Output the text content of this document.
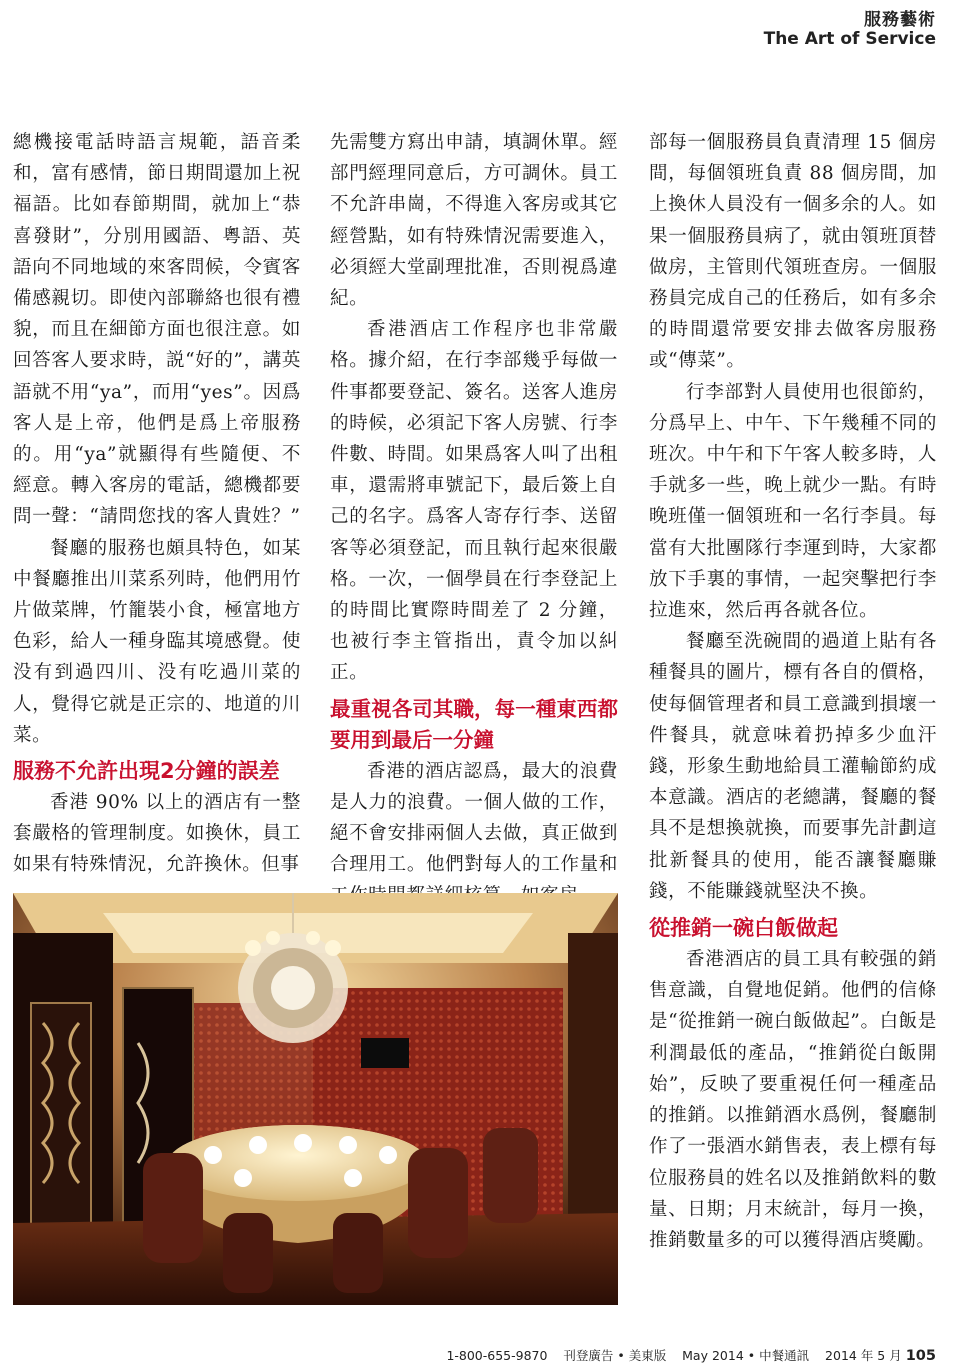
服務藝術
The Art of Service

總機接電話時語言規範，語音柔和，富有感情，節日期間還加上祝福語。比如春節期間，就加上“恭喜發財”，分別用國語、粵語、英語向不同地域的來客問候，令賓客備感親切。即使內部聯絡也很有禮貌，而且在細節方面也很注意。如回答客人要求時，説“好的”，講英語就不用“ya”，而用“yes”。因爲客人是上帝，他們是爲上帝服務的。用“ya”就顯得有些隨便、不經意。轉入客房的電話，總機都要問一聲：“請問您找的客人貴姓？”

餐廳的服務也頗具特色，如某中餐廳推出川菜系列時，他們用竹片做菜牌，竹籠裝小食，極富地方色彩，給人一種身臨其境感覺。使没有到過四川、没有吃過川菜的人，覺得它就是正宗的、地道的川菜。

服務不允許出現2分鐘的誤差

香港 90% 以上的酒店有一整套嚴格的管理制度。如換休，員工如果有特殊情況，允許換休。但事

先需雙方寫出申請，填調休單。經部門經理同意后，方可調休。員工不允許串崗，不得進入客房或其它經營點，如有特殊情況需要進入，必須經大堂副理批准，否則視爲違紀。

香港酒店工作程序也非常嚴格。據介紹，在行李部幾乎每做一件事都要登記、簽名。送客人進房的時候，必須記下客人房號、行李件數、時間。如果爲客人叫了出租車，還需將車號記下，最后簽上自己的名字。爲客人寄存行李、送留客等必須登記，而且執行起來很嚴格。一次，一個學員在行李登記上的時間比實際時間差了 2 分鐘，也被行李主管指出，責令加以糾正。

最重視各司其職，每一種東西都要用到最后一分鐘

香港的酒店認爲，最大的浪費是人力的浪費。一個人做的工作，絕不會安排兩個人去做，真正做到合理用工。他們對每人的工作量和

部每一個服務員負責清理 15 個房間，每個領班負責 88 個房間，加上換休人員没有一個多余的人。如果一個服務員病了，就由領班頂替做房，主管則代領班查房。一個服務員完成自己的任務后，如有多余的時間還常要安排去做客房服務或“傳菜”。

行李部對人員使用也很節約，分爲早上、中午、下午幾種不同的班次。中午和下午客人較多時，人手就多一些，晚上就少一點。有時晚班僅一個領班和一名行李員。每當有大批團隊行李運到時，大家都放下手裏的事情，一起突擊把行李拉進來，然后再各就各位。

餐廳至洗碗間的過道上貼有各種餐具的圖片，標有各自的價格，使每個管理者和員工意識到損壞一件餐具，就意味着扔掉多少血汗錢，形象生動地給員工灌輸節約成本意識。酒店的老總講，餐廳的餐具不是想換就換，而要事先計劃這批新餐具的使用，能否讓餐廳賺錢，不能賺錢就堅決不換。

從推銷一碗白飯做起

香港酒店的員工具有較强的銷售意識，自覺地促銷。他們的信條是“從推銷一碗白飯做起”。白飯是利潤最低的產品，“推銷從白飯開始”，反映了要重視任何一種產品的推銷。以推銷酒水爲例，餐廳制作了一張酒水銷售表，表上標有每位服務員的姓名以及推銷飲料的數量、日期；月末統計，每月一換，推銷數量多的可以獲得酒店獎勵。

1-800-655-9870 刊登廣告 • 美東版 May 2014 • 中餐通訊 2014 年 5 月 105
